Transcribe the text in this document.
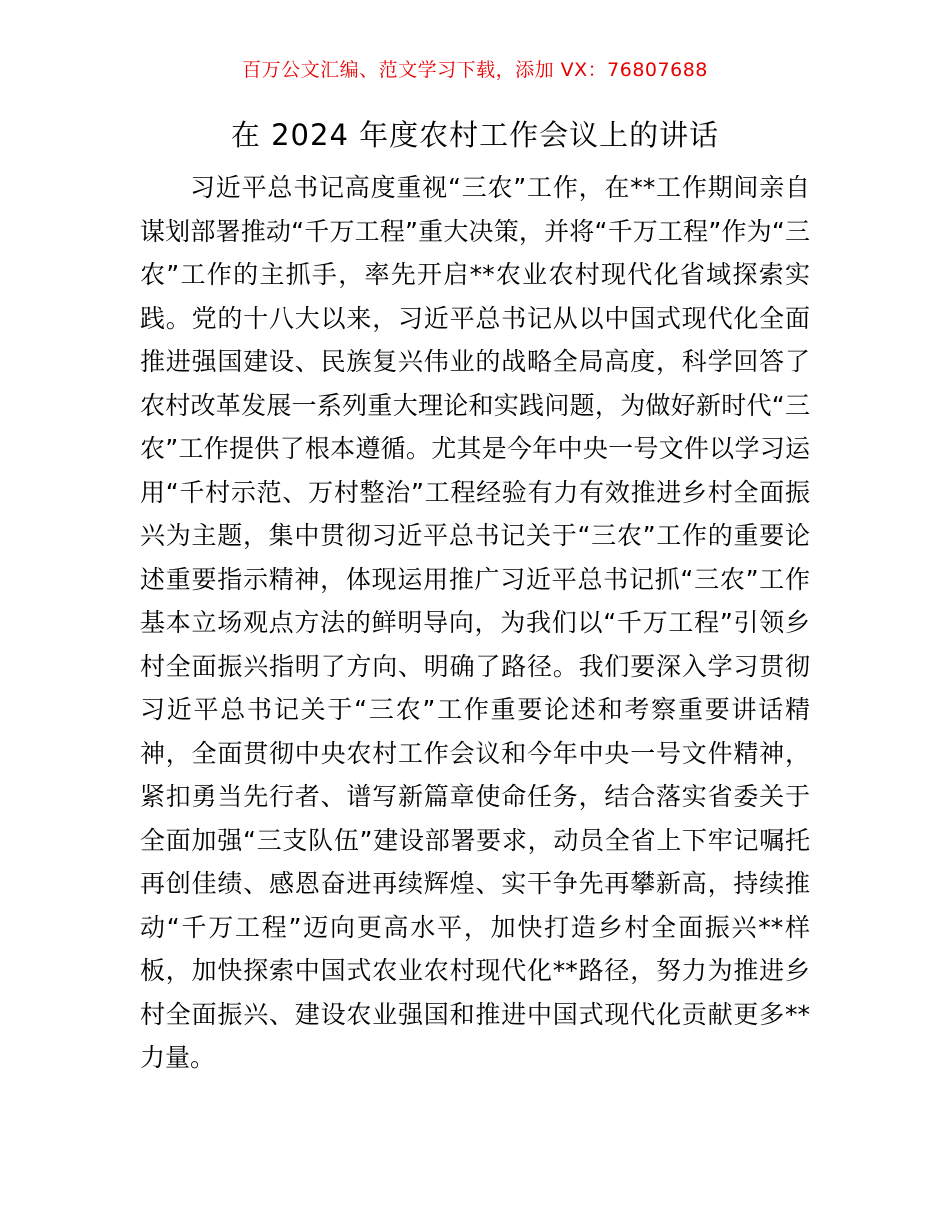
百万公文汇编、范文学习下载，添加 VX：76807688
在 2024 年度农村工作会议上的讲话

习近平总书记高度重视“三农”工作，在**工作期间亲自谋划部署推动“千万工程”重大决策，并将“千万工程”作为“三农”工作的主抓手，率先开启**农业农村现代化省域探索实践。党的十八大以来，习近平总书记从以中国式现代化全面推进强国建设、民族复兴伟业的战略全局高度，科学回答了农村改革发展一系列重大理论和实践问题，为做好新时代“三农”工作提供了根本遵循。尤其是今年中央一号文件以学习运用“千村示范、万村整治”工程经验有力有效推进乡村全面振兴为主题，集中贯彻习近平总书记关于“三农”工作的重要论述重要指示精神，体现运用推广习近平总书记抓“三农”工作基本立场观点方法的鲜明导向，为我们以“千万工程”引领乡村全面振兴指明了方向、明确了路径。我们要深入学习贯彻习近平总书记关于“三农”工作重要论述和考察重要讲话精神，全面贯彻中央农村工作会议和今年中央一号文件精神，紧扣勇当先行者、谱写新篇章使命任务，结合落实省委关于全面加强“三支队伍”建设部署要求，动员全省上下牢记嘱托再创佳绩、感恩奋进再续辉煌、实干争先再攀新高，持续推动“千万工程”迈向更高水平，加快打造乡村全面振兴**样板，加快探索中国式农业农村现代化**路径，努力为推进乡村全面振兴、建设农业强国和推进中国式现代化贡献更多**力量。
